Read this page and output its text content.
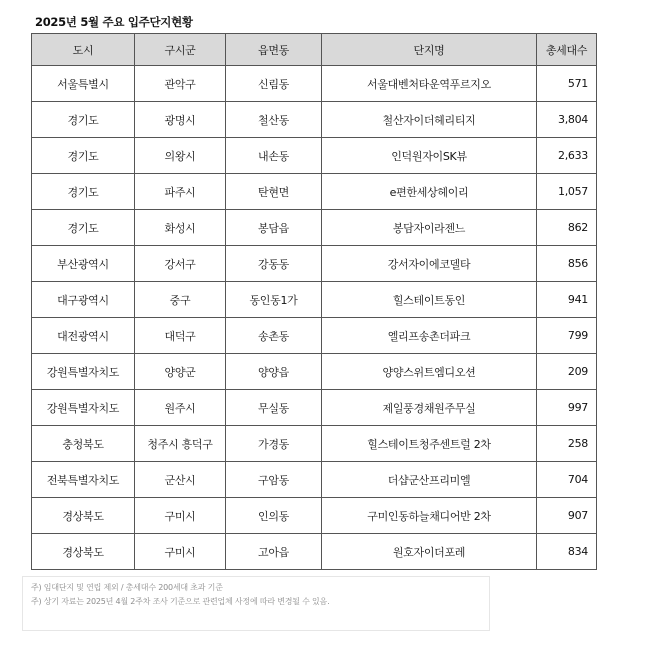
2025년 5월 주요 입주단지현황
도시	구시군	읍면동	단지명	총세대수
서울특별시	관악구	신림동	서울대벤처타운역푸르지오	571
경기도	광명시	철산동	철산자이더헤리티지	3,804
경기도	의왕시	내손동	인덕원자이SK뷰	2,633
경기도	파주시	탄현면	e편한세상헤이리	1,057
경기도	화성시	봉담읍	봉담자이라젠느	862
부산광역시	강서구	강동동	강서자이에코델타	856
대구광역시	중구	동인동1가	힐스테이트동인	941
대전광역시	대덕구	송촌동	엘리프송촌더파크	799
강원특별자치도	양양군	양양읍	양양스위트엠디오션	209
강원특별자치도	원주시	무실동	제일풍경채원주무실	997
충청북도	청주시 흥덕구	가경동	힐스테이트청주센트럴 2차	258
전북특별자치도	군산시	구암동	더샵군산프리미엘	704
경상북도	구미시	인의동	구미인동하늘채디어반 2차	907
경상북도	구미시	고아읍	원호자이더포레	834
주) 임대단지 및 연립 제외 / 총세대수 200세대 초과 기준
주) 상기 자료는 2025년 4월 2주차 조사 기준으로 관련업체 사정에 따라 변경될 수 있음.
